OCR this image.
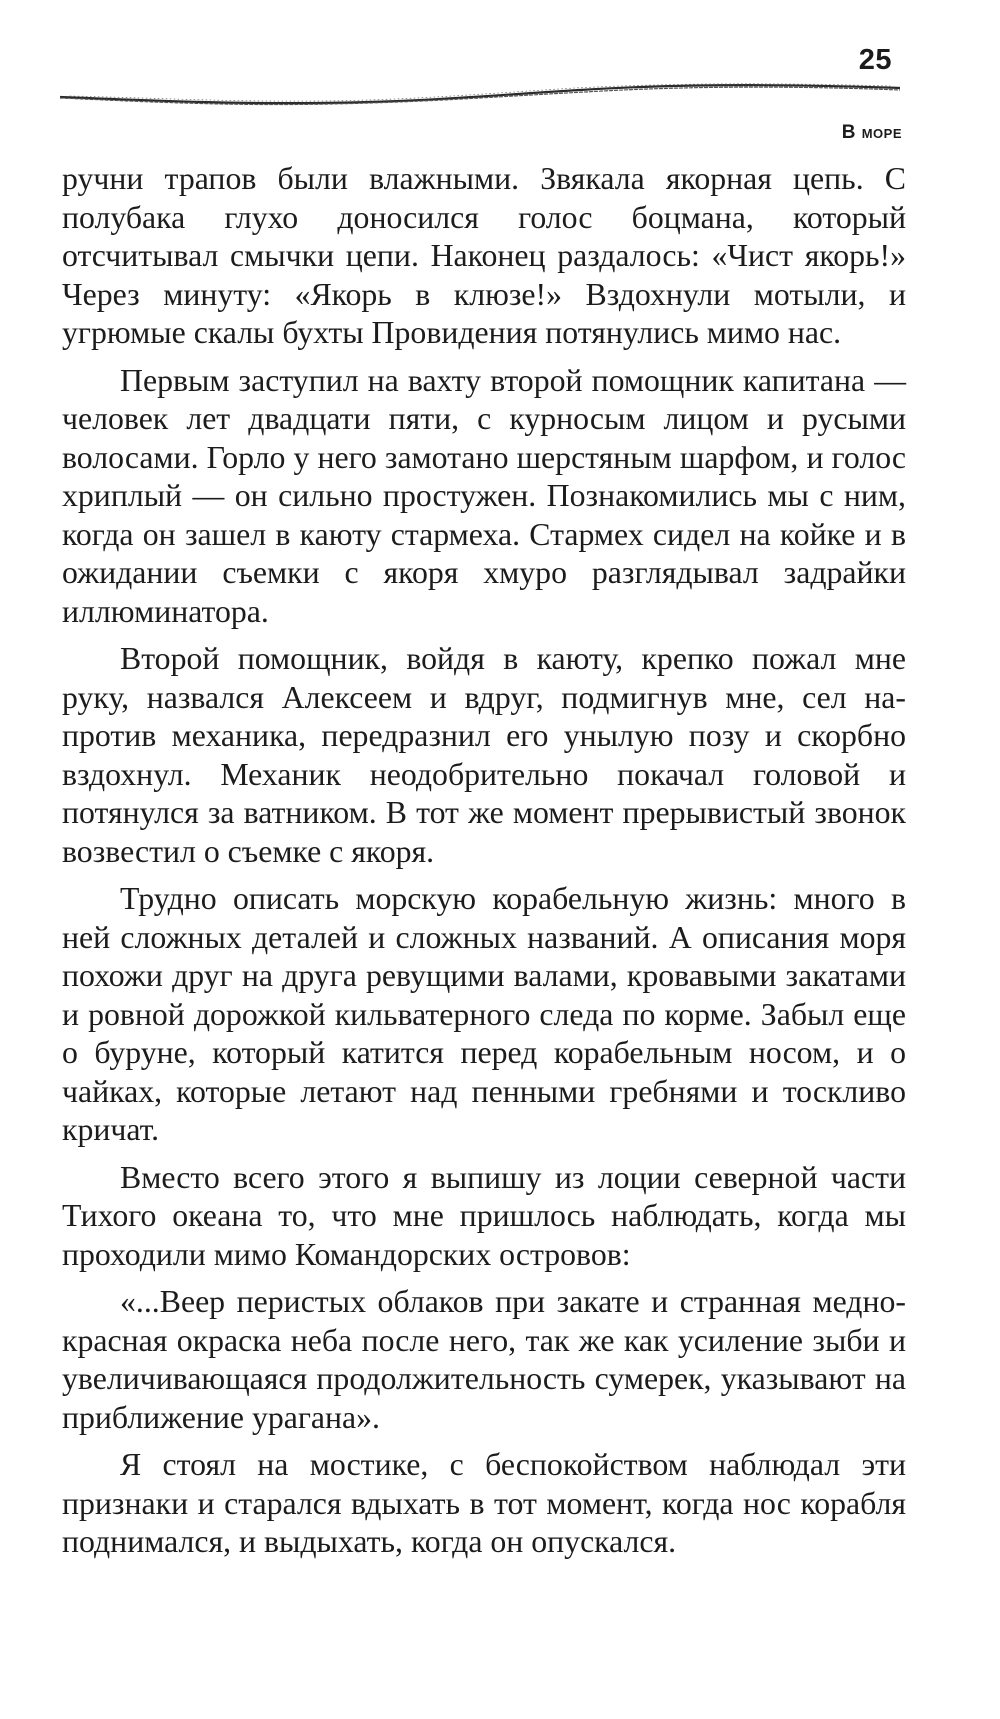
25
В море

ручни трапов были влажными. Звякала якорная цепь. С полубака глухо доносился голос боцмана, который отсчитывал смычки цепи. Наконец раздалось: «Чист якорь!» Через минуту: «Якорь в клюзе!» Вздохнули мотыли, и угрюмые скалы бухты Провидения потянулись мимо нас.

Первым заступил на вахту второй помощник капитана — человек лет двадцати пяти, с курносым лицом и русыми волосами. Горло у него замотано шерстяным шарфом, и голос хриплый — он сильно простужен. Познакомились мы с ним, когда он зашел в каюту стармеха. Стармех сидел на койке и в ожидании съемки с якоря хмуро разглядывал задрайки иллюминатора.

Второй помощник, войдя в каюту, крепко пожал мне руку, назвался Алексеем и вдруг, подмигнув мне, сел напротив механика, передразнил его унылую позу и скорбно вздохнул. Механик неодобрительно покачал головой и потянулся за ватником. В тот же момент прерывистый звонок возвестил о съемке с якоря.

Трудно описать морскую корабельную жизнь: много в ней сложных деталей и сложных названий. А описания моря похожи друг на друга ревущими валами, кровавыми закатами и ровной дорожкой кильватерного следа по корме. Забыл еще о буруне, который катится перед корабельным носом, и о чайках, которые летают над пенными гребнями и тоскливо кричат.

Вместо всего этого я выпишу из лоции северной части Тихого океана то, что мне пришлось наблюдать, когда мы проходили мимо Командорских островов:

«...Веер перистых облаков при закате и странная медно-красная окраска неба после него, так же как усиление зыби и увеличивающаяся продолжительность сумерек, указывают на приближение урагана».

Я стоял на мостике, с беспокойством наблюдал эти признаки и старался вдыхать в тот момент, когда нос корабля поднимался, и выдыхать, когда он опускался.
